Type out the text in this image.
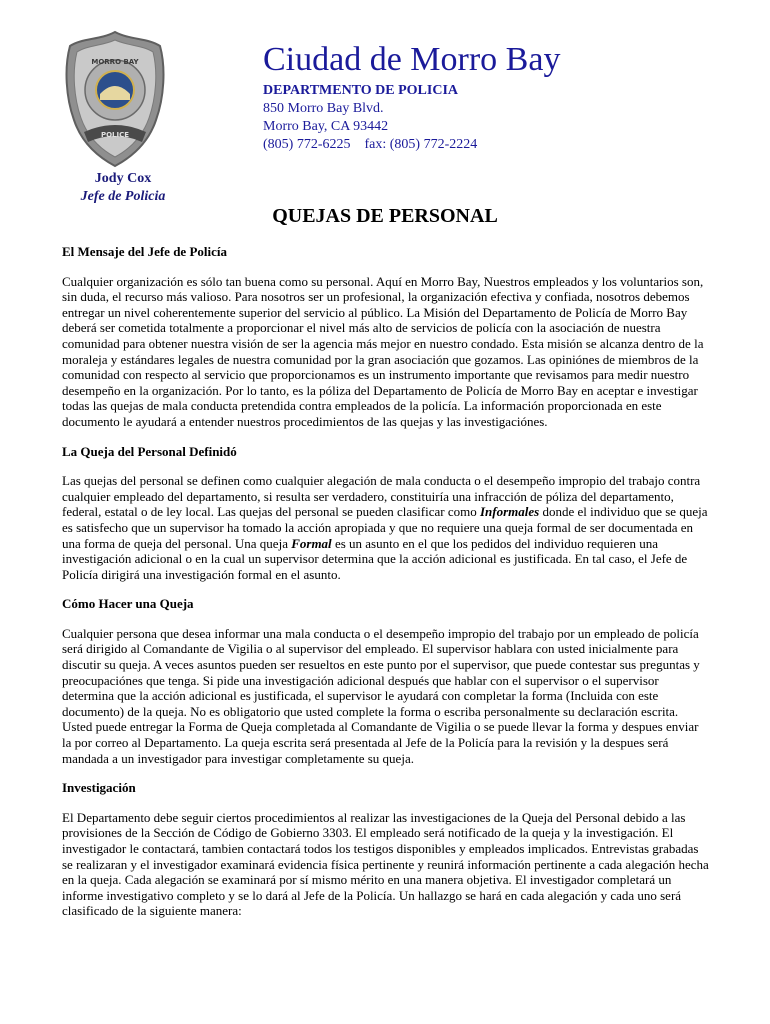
MORRO BAY
POLICE
Jody Cox
Jefe de Policia
Ciudad de Morro Bay
DEPARTMENTO DE POLICIA
850 Morro Bay Blvd.
Morro Bay, CA 93442
(805) 772-6225    fax: (805) 772-2224
QUEJAS DE PERSONAL
El Mensaje del Jefe de Policía

Cualquier organización es sólo tan buena como su personal. Aquí en Morro Bay, Nuestros empleados y los voluntarios son, sin duda, el recurso más valioso. Para nosotros ser un profesional, la organización efectiva y confiada, nosotros debemos entregar un nivel coherentemente superior del servicio al público. La Misión del Departamento de Policía de Morro Bay deberá ser cometida totalmente a proporcionar el nivel más alto de servicios de policía con la asociación de nuestra comunidad para obtener nuestra visión de ser la agencia más mejor en nuestro condado. Esta misión se alcanza dentro de la moraleja y estándares legales de nuestra comunidad por la gran asociación que gozamos. Las opiniónes de miembros de la comunidad con respecto al servicio que proporcionamos es un instrumento importante que revisamos para medir nuestro desempeño en la organización. Por lo tanto, es la póliza del Departamento de Policía de Morro Bay en aceptar e investigar todas las quejas de mala conducta pretendida contra empleados de la policía. La información proporcionada en este documento le ayudará a entender nuestros procedimientos de las quejas y las investigaciónes.

La Queja del Personal Definidó

Las quejas del personal se definen como cualquier alegación de mala conducta o el desempeño impropio del trabajo contra cualquier empleado del departamento, si resulta ser verdadero, constituiría una infracción de póliza del departamento, federal, estatal o de ley local. Las quejas del personal se pueden clasificar como Informales donde el individuo que se queja es satisfecho que un supervisor ha tomado la acción apropiada y que no requiere una queja formal de ser documentada en una forma de queja del personal. Una queja Formal es un asunto en el que los pedidos del individuo requieren una investigación adicional o en la cual un supervisor determina que la acción adicional es justificada. En tal caso, el Jefe de Policía dirigirá una investigación formal en el asunto.

Cómo Hacer una Queja

Cualquier persona que desea informar una mala conducta o el desempeño impropio del trabajo por un empleado de policía será dirigido al Comandante de Vigilia o al supervisor del empleado. El supervisor hablara con usted inicialmente para discutir su queja. A veces asuntos pueden ser resueltos en este punto por el supervisor, que puede contestar sus preguntas y preocupaciónes que tenga. Si pide una investigación adicional después que hablar con el supervisor o el supervisor determina que la acción adicional es justificada, el supervisor le ayudará con completar la forma (Incluida con este documento) de la queja. No es obligatorio que usted complete la forma o escriba personalmente su declaración escrita. Usted puede entregar la Forma de Queja completada al Comandante de Vigilia o se puede llevar la forma y despues enviar la por correo al Departamento. La queja escrita será presentada al Jefe de la Policía para la revisión y la despues será mandada a un investigador para investigar completamente su queja.

Investigación

El Departamento debe seguir ciertos procedimientos al realizar las investigaciones de la Queja del Personal debido a las provisiones de la Sección de Código de Gobierno 3303. El empleado será notificado de la queja y la investigación. El investigador le contactará, tambien contactará todos los testigos disponibles y empleados implicados. Entrevistas grabadas se realizaran y el investigador examinará evidencia física pertinente y reunirá información pertinente a cada alegación hecha en la queja. Cada alegación se examinará por sí mismo mérito en una manera objetiva. El investigador completará un informe investigativo completo y se lo dará al Jefe de la Policía. Un hallazgo se hará en cada alegación y cada uno será clasificado de la siguiente manera:
